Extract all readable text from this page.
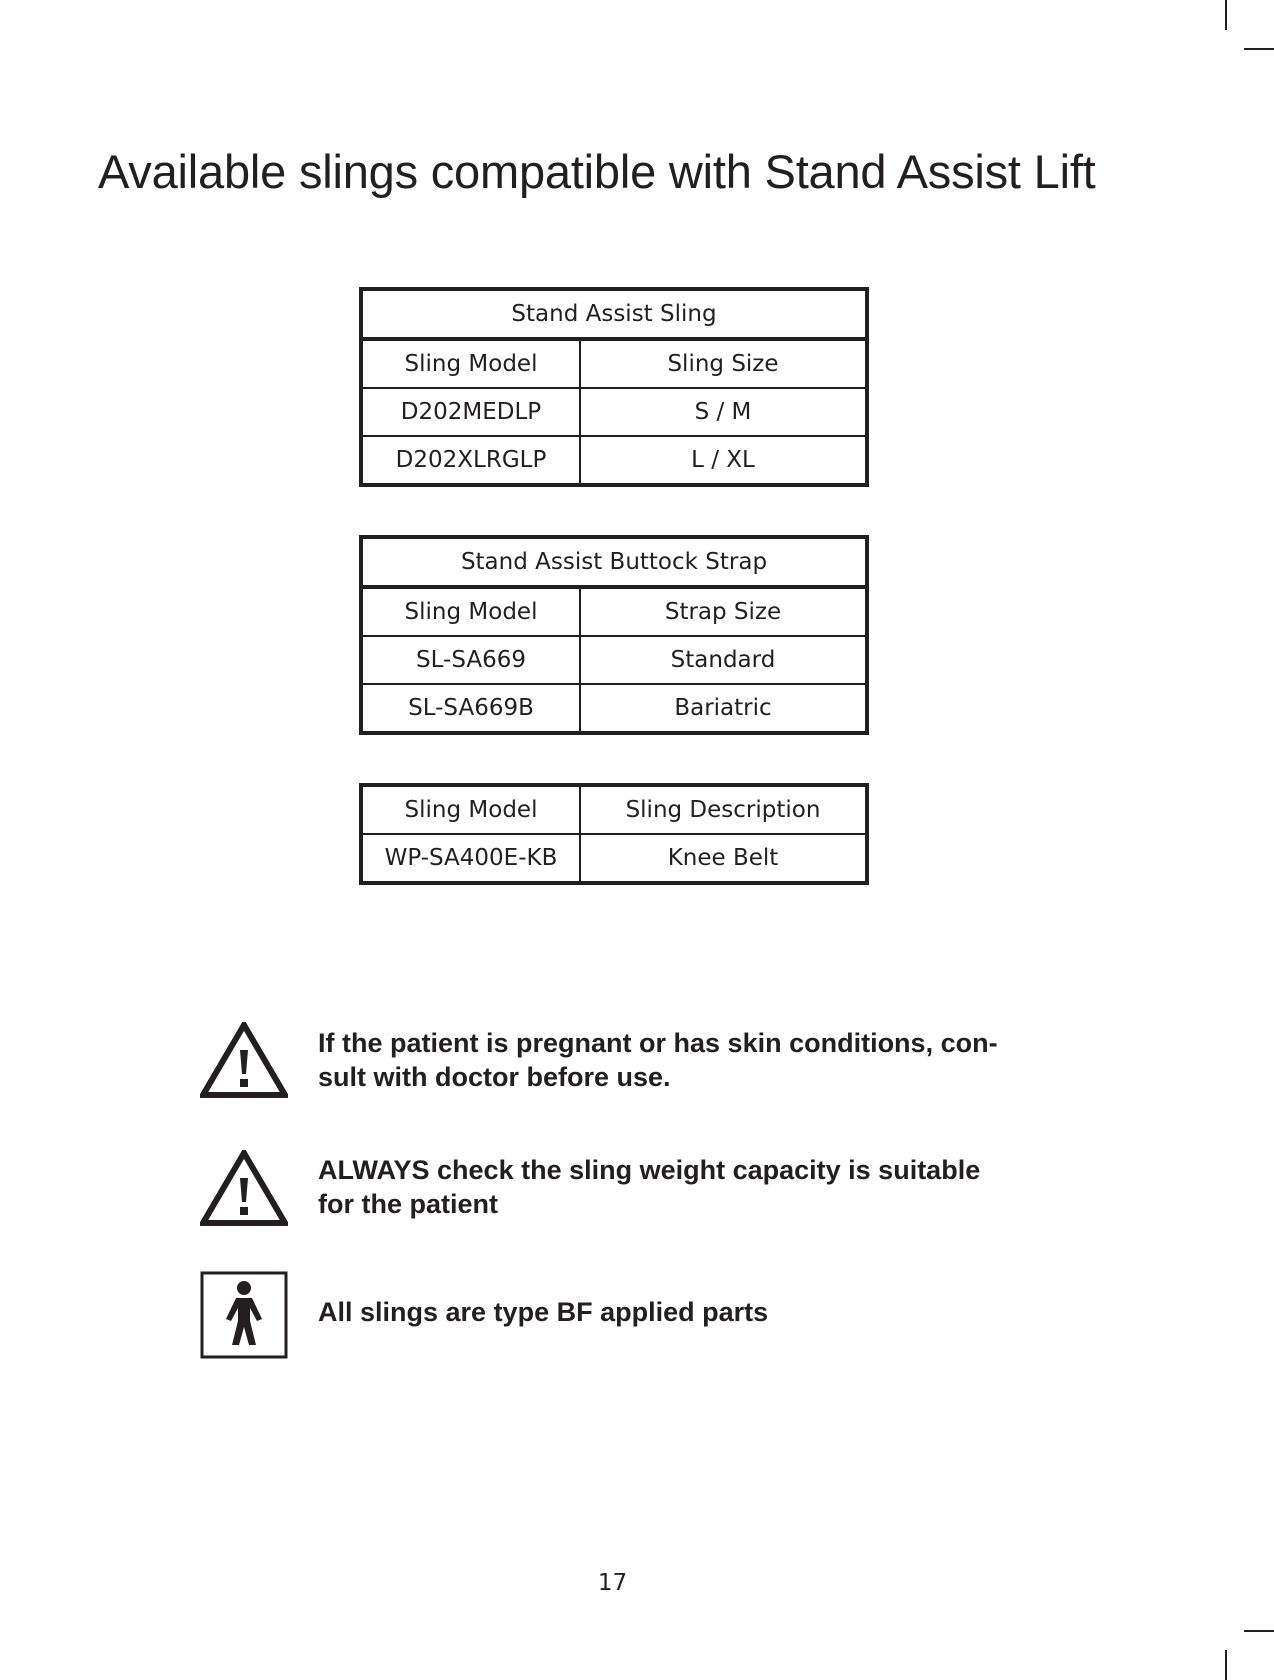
Available slings compatible with Stand Assist Lift
Stand Assist Sling	
Sling Model	Sling Size
D202MEDLP	S / M
D202XLRGLP	L / XL
Stand Assist Buttock Strap	
Sling Model	Strap Size
SL-SA669	Standard
SL-SA669B	Bariatric
Sling Model	Sling Description
WP-SA400E-KB	Knee Belt

If the patient is pregnant or has skin conditions, con-
sult with doctor before use.

ALWAYS check the sling weight capacity is suitable
for the patient

All slings are type BF applied parts

17
